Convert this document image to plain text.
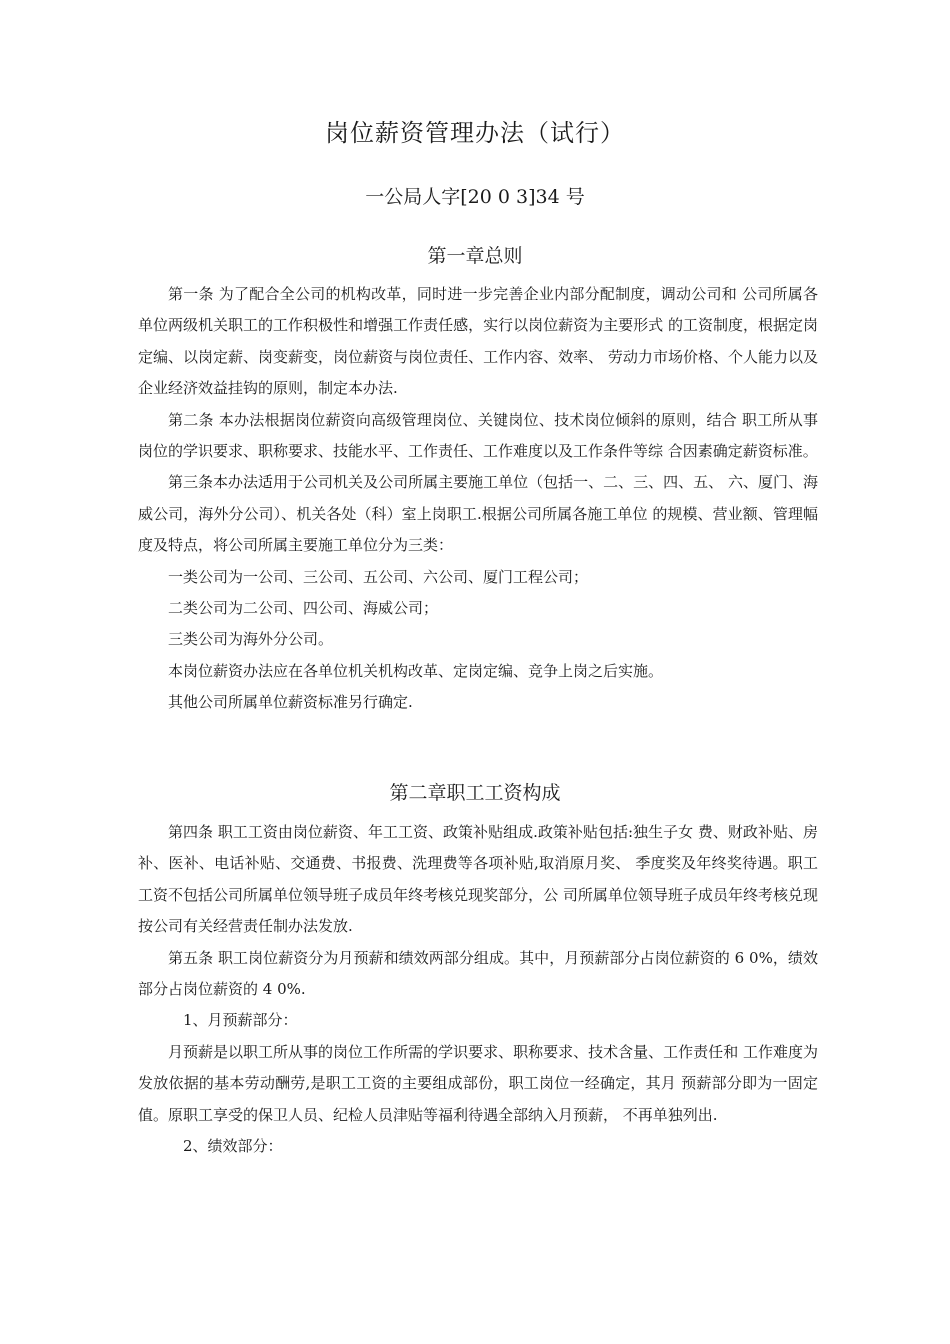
岗位薪资管理办法（试行）
一公局人字[20 0 3]34 号
第一章总则

第一条 为了配合全公司的机构改革，同时进一步完善企业内部分配制度，调动公司和 公司所属各单位两级机关职工的工作积极性和增强工作责任感，实行以岗位薪资为主要形式 的工资制度，根据定岗定编、以岗定薪、岗变薪变，岗位薪资与岗位责任、工作内容、效率、 劳动力市场价格、个人能力以及企业经济效益挂钩的原则，制定本办法.

第二条 本办法根据岗位薪资向高级管理岗位、关键岗位、技术岗位倾斜的原则，结合 职工所从事岗位的学识要求、职称要求、技能水平、工作责任、工作难度以及工作条件等综 合因素确定薪资标准。

第三条本办法适用于公司机关及公司所属主要施工单位（包括一、二、三、四、五、 六、厦门、海威公司，海外分公司）、机关各处（科）室上岗职工.根据公司所属各施工单位 的规模、营业额、管理幅度及特点，将公司所属主要施工单位分为三类：

一类公司为一公司、三公司、五公司、六公司、厦门工程公司；

二类公司为二公司、四公司、海威公司；

三类公司为海外分公司。

本岗位薪资办法应在各单位机关机构改革、定岗定编、竞争上岗之后实施。

其他公司所属单位薪资标准另行确定.

第二章职工工资构成

第四条 职工工资由岗位薪资、年工工资、政策补贴组成.政策补贴包括:独生子女 费、财政补贴、房补、医补、电话补贴、交通费、书报费、洗理费等各项补贴,取消原月奖、 季度奖及年终奖待遇。职工工资不包括公司所属单位领导班子成员年终考核兑现奖部分，公 司所属单位领导班子成员年终考核兑现按公司有关经营责任制办法发放.

第五条 职工岗位薪资分为月预薪和绩效两部分组成。其中，月预薪部分占岗位薪资的 6 0%，绩效部分占岗位薪资的 4 0%.

1、月预薪部分：

月预薪是以职工所从事的岗位工作所需的学识要求、职称要求、技术含量、工作责任和 工作难度为发放依据的基本劳动酬劳,是职工工资的主要组成部份，职工岗位一经确定，其月 预薪部分即为一固定值。原职工享受的保卫人员、纪检人员津贴等福利待遇全部纳入月预薪， 不再单独列出.

2、绩效部分：
